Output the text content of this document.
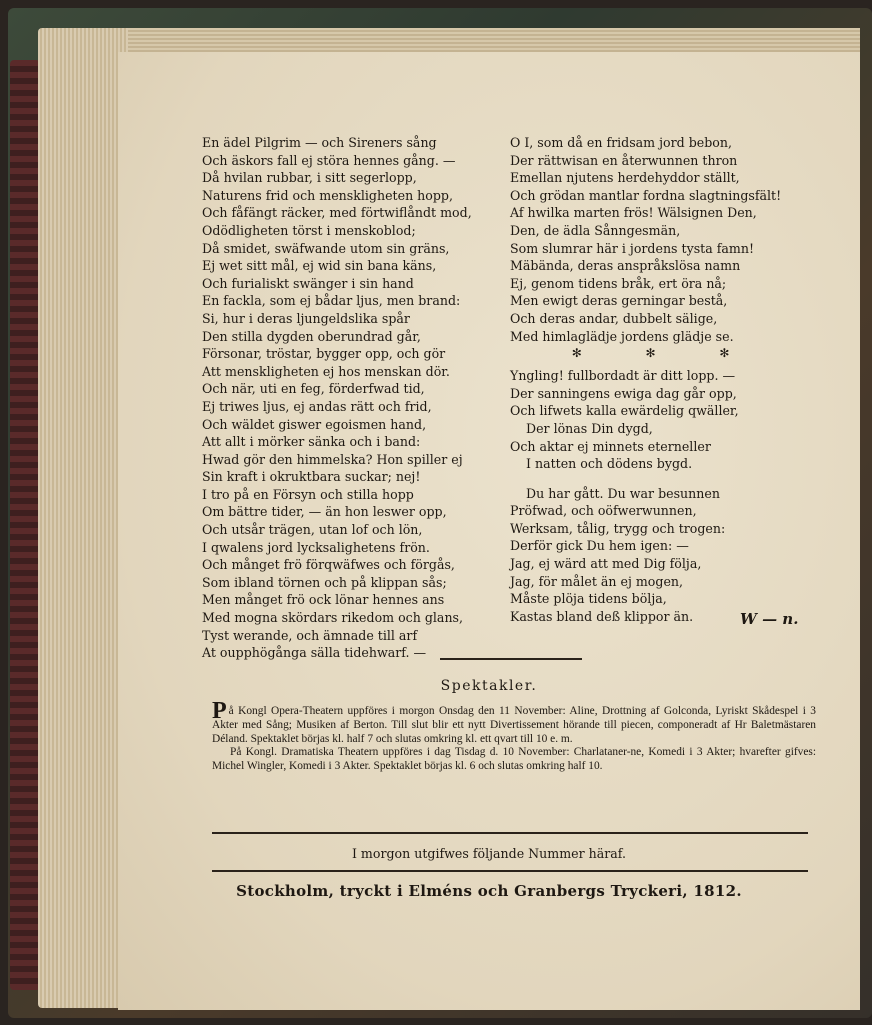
En ädel Pilgrim — och Sireners sång
Och äskors fall ej störa hennes gång. —
Då hvilan rubbar, i sitt segerlopp,
Naturens frid och menskligheten hopp,
Och fåfängt räcker, med förtwiflåndt mod,
Odödligheten törst i menskoblod;
Då smidet, swäfwande utom sin gräns,
Ej wet sitt mål, ej wid sin bana käns,
Och furialiskt swänger i sin hand
En fackla, som ej bådar ljus, men brand:
Si, hur i deras ljungeldslika spår
Den stilla dygden oberundrad går,
Försonar, tröstar, bygger opp, och gör
Att menskligheten ej hos menskan dör.
Och när, uti en feg, förderfwad tid,
Ej triwes ljus, ej andas rätt och frid,
Och wäldet giswer egoismen hand,
Att allt i mörker sänka och i band:
Hwad gör den himmelska? Hon spiller ej
Sin kraft i okruktbara suckar; nej!
I tro på en Försyn och stilla hopp
Om bättre tider, — än hon leswer opp,
Och utsår trägen, utan lof och lön,
I qwalens jord lycksalighetens frön.
Och månget frö förqwäfwes och förgås,
Som ibland törnen och på klippan sås;
Men månget frö ock lönar hennes ans
Med mogna skördars rikedom och glans,
Tyst werande, och ämnade till arf
At oupphögånga sälla tidehwarf. —
O I, som då en fridsam jord bebon,
Der rättwisan en återwunnen thron
Emellan njutens herdehyddor ställt,
Och grödan mantlar fordna slagtningsfält!
Af hwilka marten frös! Wälsignen Den,
Den, de ädla Sånngesmän,
Som slumrar här i jordens tysta famn!
Mäbända, deras anspråkslösa namn
Ej, genom tidens bråk, ert öra nå;
Men ewigt deras gerningar bestå,
Och deras andar, dubbelt sälige,
Med himlaglädje jordens glädje se.
✻ ✻ ✻
Yngling! fullbordadt är ditt lopp. —
Der sanningens ewiga dag går opp,
Och lifwets kalla ewärdelig qwäller,
Der lönas Din dygd,
Och aktar ej minnets eterneller
I natten och dödens bygd.
Du har gått. Du war besunnen
Pröfwad, och oöfwerwunnen,
Werksam, tålig, trygg och trogen:
Derför gick Du hem igen: —
Jag, ej wärd att med Dig följa,
Jag, för målet än ej mogen,
Måste plöja tidens bölja,
Kastas bland deß klippor än.	W — n.
Spektakler.

På Kongl Opera-Theatern uppföres i morgon Onsdag den 11 November: Aline, Drottning af Golconda, Lyriskt Skådespel i 3 Akter med Sång; Musiken af Berton. Till slut blir ett nytt Divertissement hörande till piecen, componeradt af Hr Baletmästaren Déland. Spektaklet börjas kl. half 7 och slutas omkring kl. ett qvart till 10 e. m.

På Kongl. Dramatiska Theatern uppföres i dag Tisdag d. 10 November: Charlataner-ne, Komedi i 3 Akter; hvarefter gifves: Michel Wingler, Komedi i 3 Akter. Spektaklet börjas kl. 6 och slutas omkring half 10.

I morgon utgifwes följande Nummer häraf.
Stockholm, tryckt i Elméns och Granbergs Tryckeri, 1812.
